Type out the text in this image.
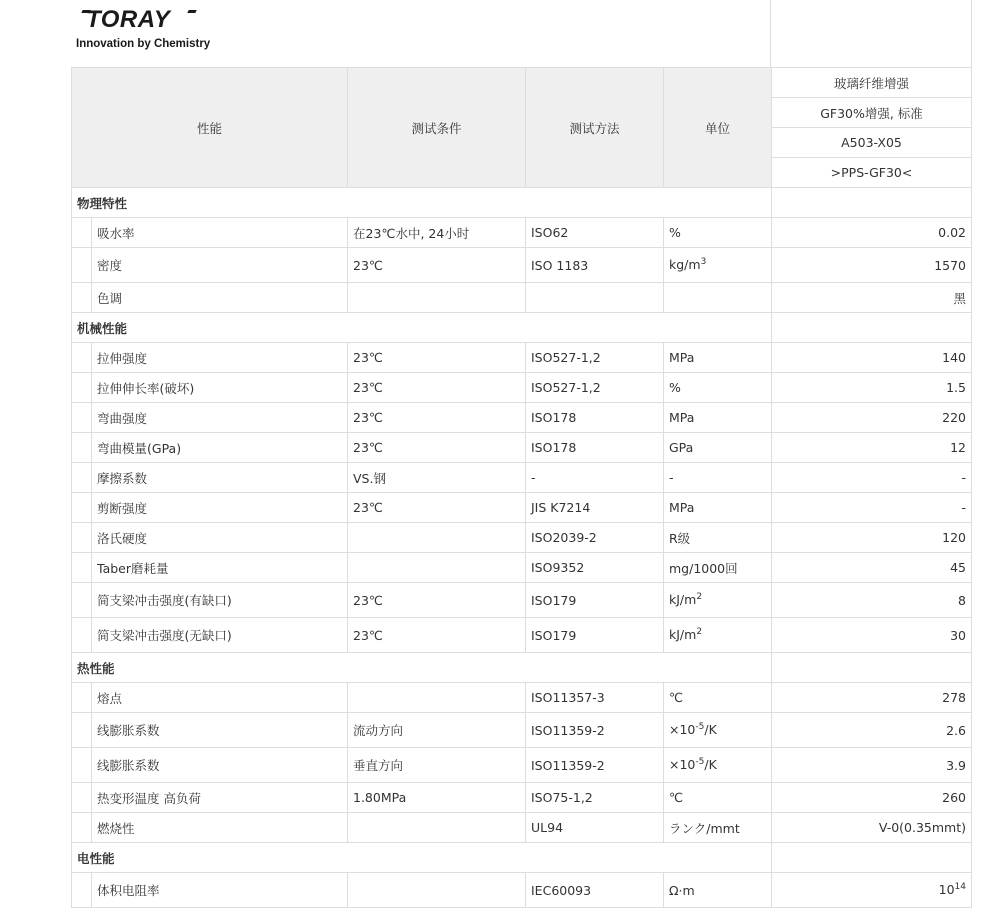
TORAY
Innovation by Chemistry
性能	测试条件	测试方法	单位	玻璃纤维增强
				GF30%增强, 标准
				A503-X05
				>PPS-GF30<
物理特性				

吸水率	在23℃水中, 24小时	ISO62	%	0.02

密度	23℃	ISO 1183	$kg/m^3$	1570

色调				黑
机械性能				

拉伸强度	23℃	ISO527-1,2	MPa	140

拉伸伸长率(破坏)	23℃	ISO527-1,2	%	1.5

弯曲强度	23℃	ISO178	MPa	220

弯曲模量(GPa)	23℃	ISO178	GPa	12

摩擦系数	VS.钢	-	-	-

剪断强度	23℃	JIS K7214	MPa	-

洛氏硬度		ISO2039-2	R级	120

Taber磨耗量		ISO9352	mg/1000回	45

简支梁冲击强度(有缺口)	23℃	ISO179	$kJ/m^2$	8

简支梁冲击强度(无缺口)	23℃	ISO179	$kJ/m^2$	30
热性能				

熔点		ISO11357-3	℃	278

线膨胀系数	流动方向	ISO11359-2	$\times 10^{-5}/K$	2.6

线膨胀系数	垂直方向	ISO11359-2	$\times 10^{-5}/K$	3.9

热变形温度 高负荷	1.80MPa	ISO75-1,2	℃	260

燃烧性		UL94	ランク/mmt	V-0(0.35mmt)
电性能				

体积电阻率		IEC60093	Ω·m	$10^{14}$
